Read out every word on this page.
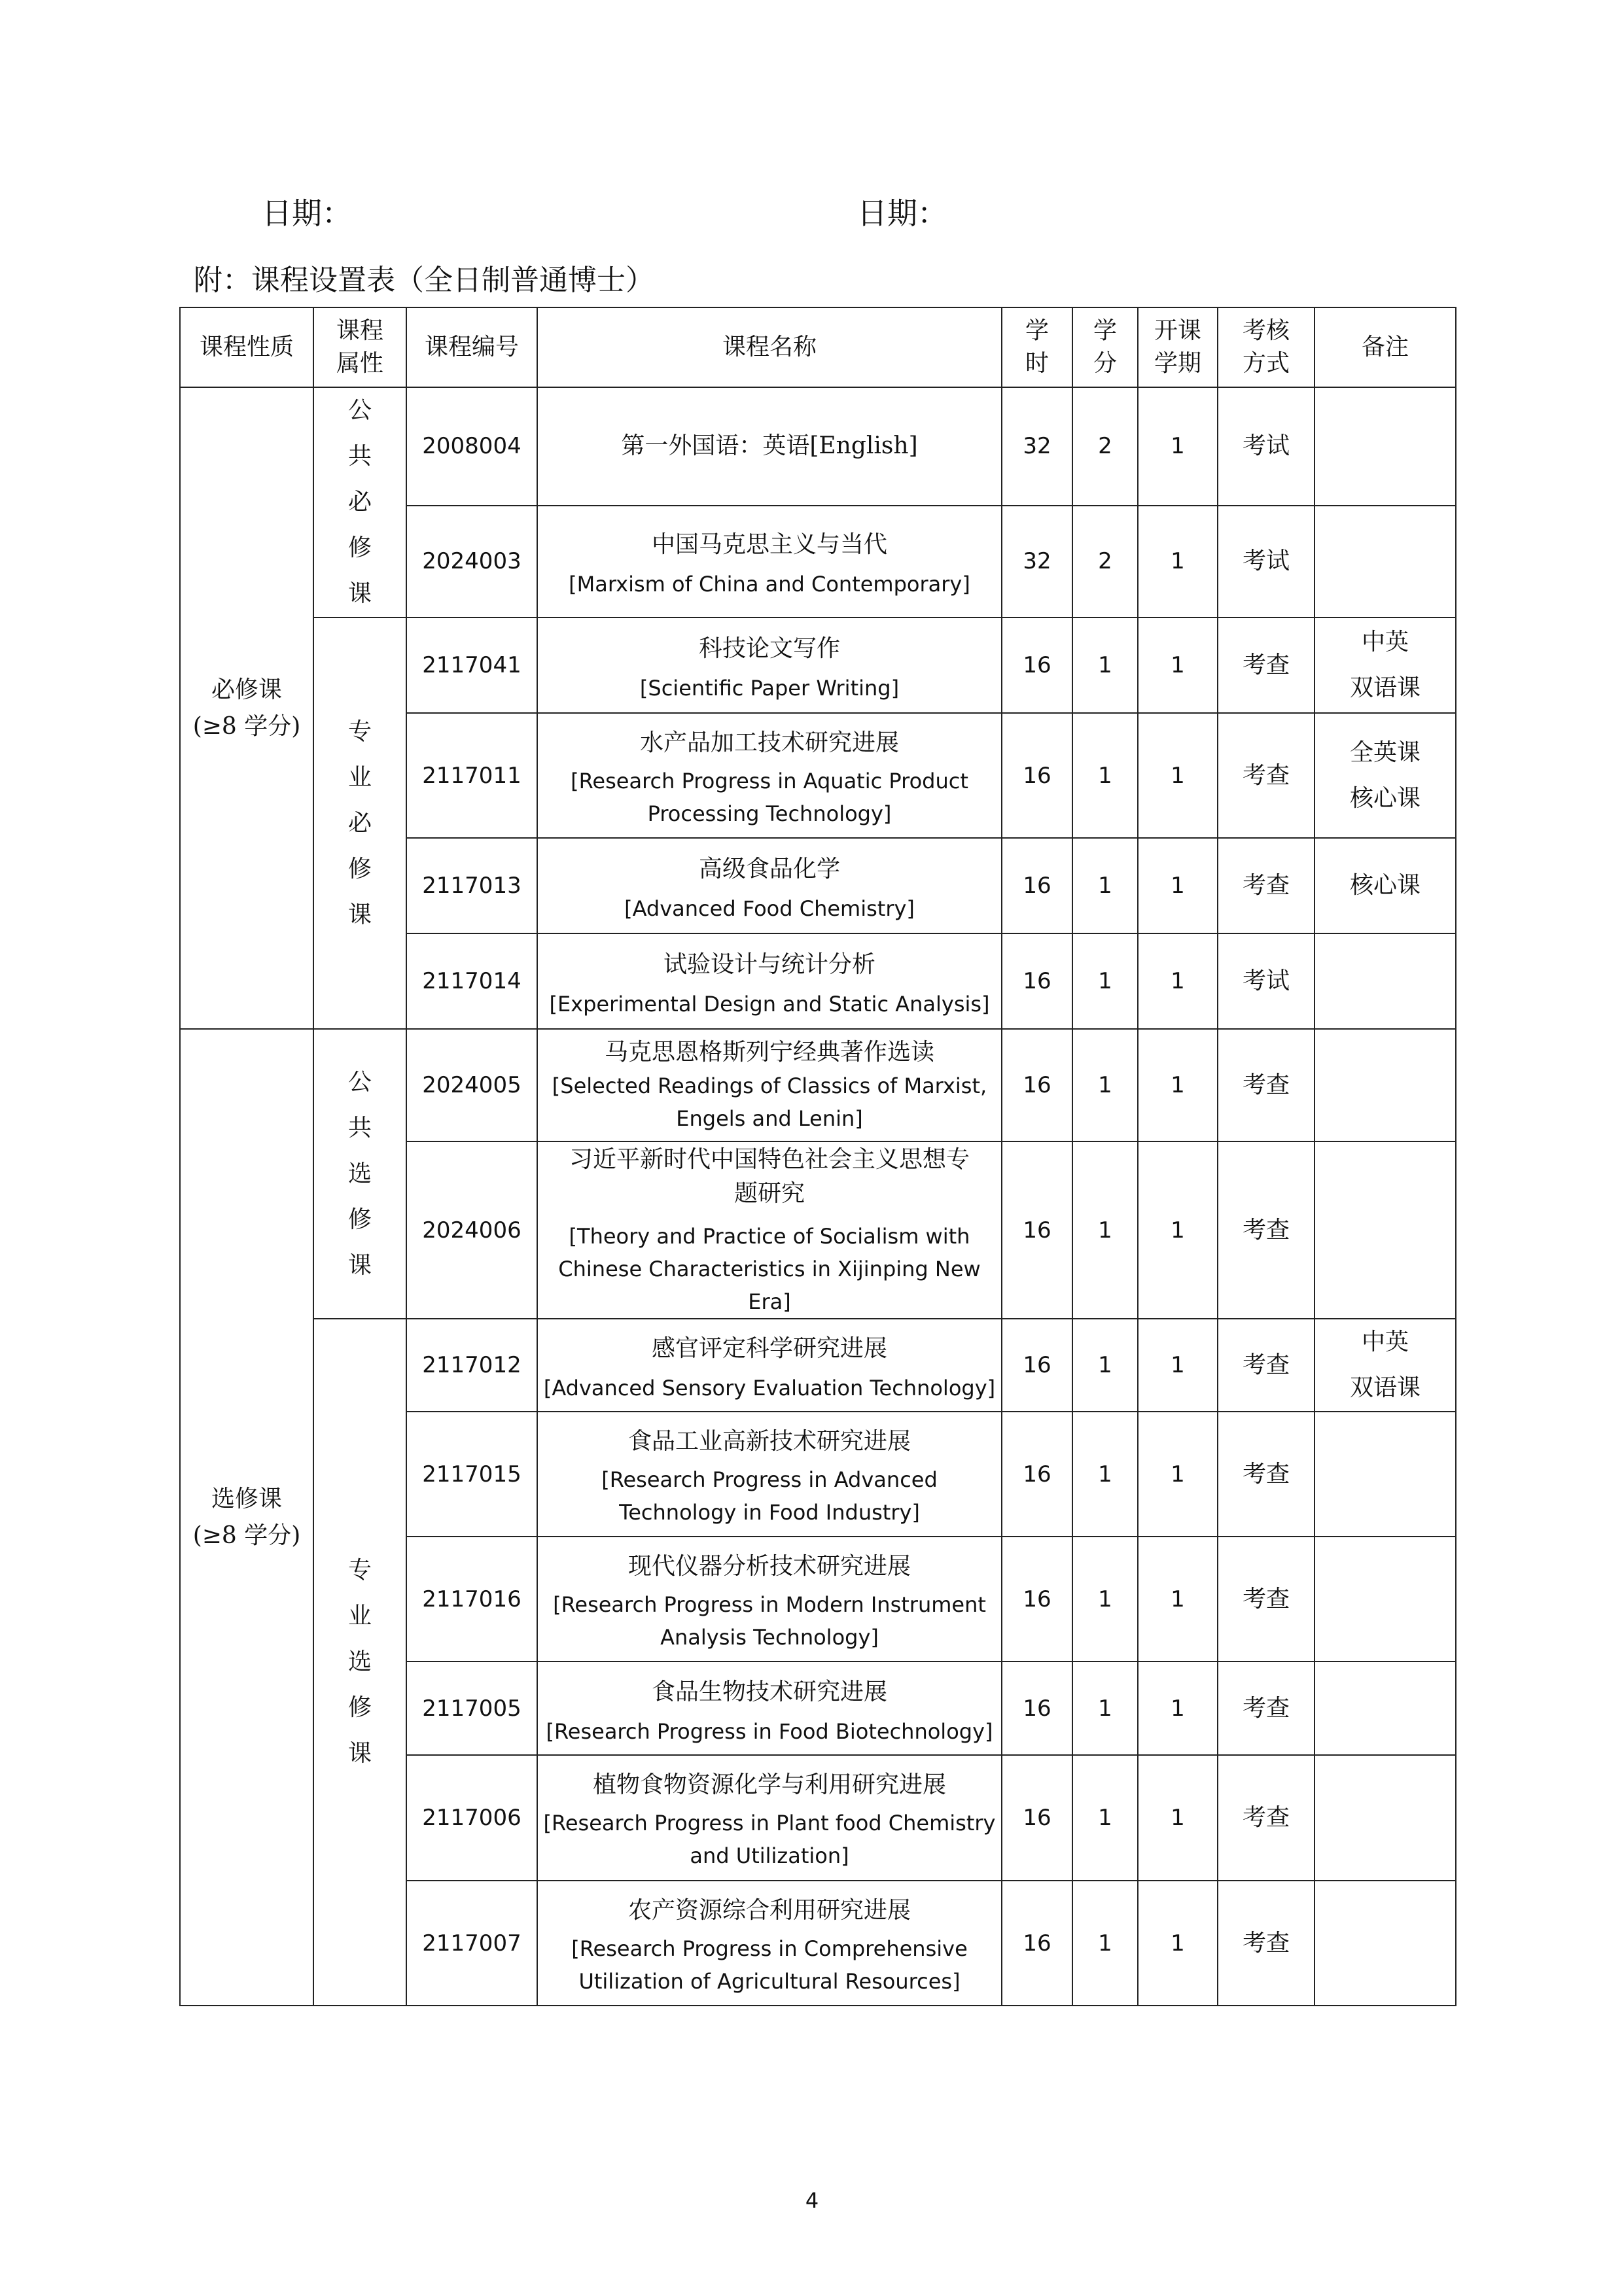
日期：	日期：
附：课程设置表（全日制普通博士）
课程性质	课程属性	课程编号	课程名称	学时	学分	开课学期	考核方式	备注

必修课
(≥8 学分)	公共必修课	2008004	第一外国语：英语[English]	32	2	1	考试	
		2024003	中国马克思主义与当代
[Marxism of China and Contemporary]	32	2	1	考试	
	专业必修课	2117041	科技论文写作
[Scientific Paper Writing]	16	1	1	考查	中英
双语课

		2117011	水产品加工技术研究进展
[Research Progress in Aquatic Product Processing Technology]	16	1	1	考查	全英课
核心课

		2117013	高级食品化学
[Advanced Food Chemistry]	16	1	1	考查	核心课

		2117014	试验设计与统计分析
[Experimental Design and Static Analysis]	16	1	1	考试	

选修课
(≥8 学分)	公共选修课	2024005	马克思恩格斯列宁经典著作选读
[Selected Readings of Classics of Marxist, Engels and Lenin]	16	1	1	考查	
		2024006	习近平新时代中国特色社会主义思想专题研究
[Theory and Practice of Socialism with Chinese Characteristics in Xijinping New Era]	16	1	1	考查	
	专业选修课	2117012	感官评定科学研究进展
[Advanced Sensory Evaluation Technology]	16	1	1	考查	中英
双语课

		2117015	食品工业高新技术研究进展
[Research Progress in Advanced Technology in Food Industry]	16	1	1	考查	
		2117016	现代仪器分析技术研究进展
[Research Progress in Modern Instrument Analysis Technology]	16	1	1	考查	
		2117005	食品生物技术研究进展
[Research Progress in Food Biotechnology]	16	1	1	考查	
		2117006	植物食物资源化学与利用研究进展
[Research Progress in Plant food Chemistry and Utilization]	16	1	1	考查	
		2117007	农产资源综合利用研究进展
[Research Progress in Comprehensive Utilization of Agricultural Resources]	16	1	1	考查	
4
